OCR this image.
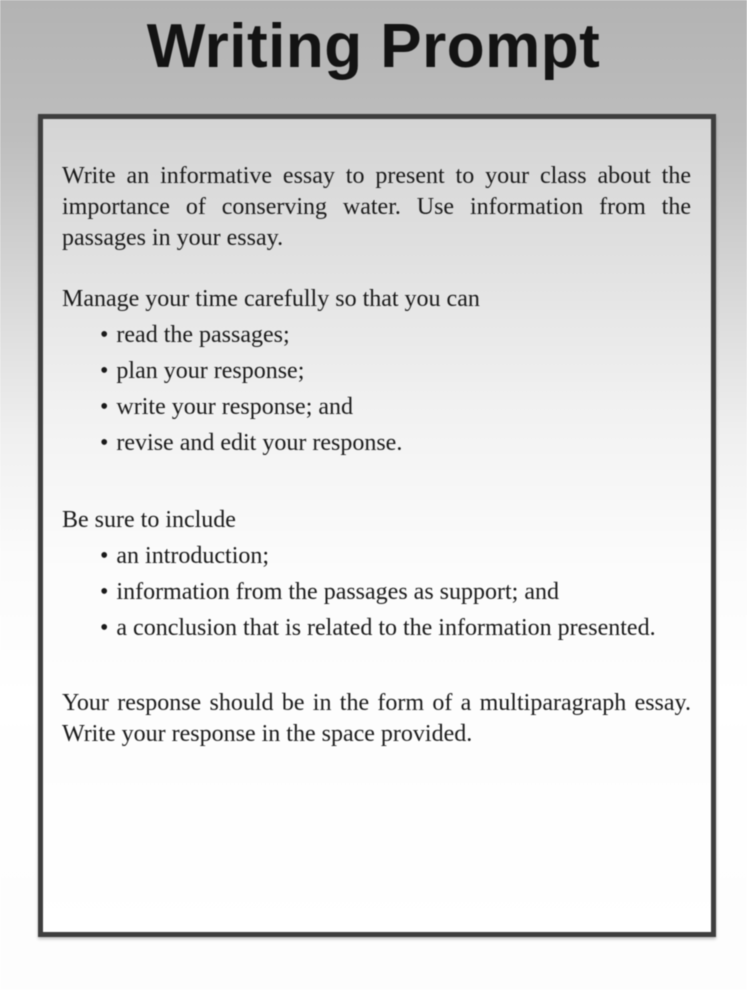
Writing Prompt

Write an informative essay to present to your class about the importance of conserving water. Use information from the passages in your essay.

Manage your time carefully so that you can

• read the passages;
• plan your response;
• write your response; and
• revise and edit your response.

Be sure to include

• an introduction;
• information from the passages as support; and
• a conclusion that is related to the information presented.

Your response should be in the form of a multiparagraph essay. Write your response in the space provided.
